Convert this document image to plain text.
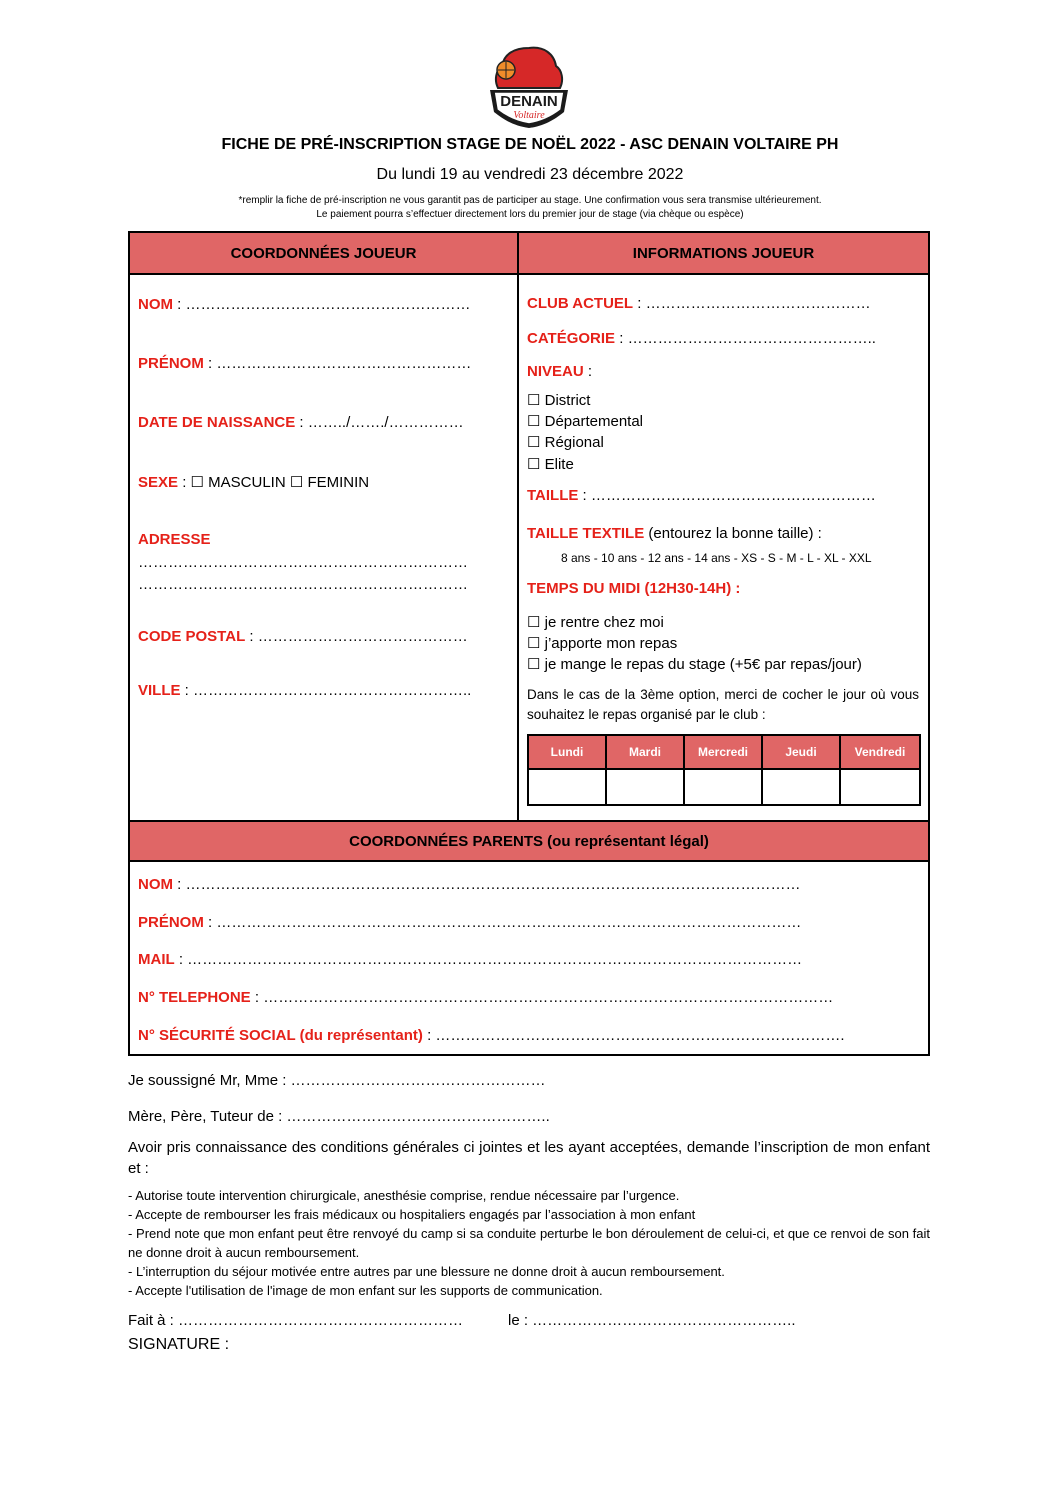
DENAIN
Voltaire
FICHE DE PRÉ-INSCRIPTION STAGE DE NOËL 2022 - ASC DENAIN VOLTAIRE PH
Du lundi 19 au vendredi 23 décembre 2022
*remplir la fiche de pré-inscription ne vous garantit pas de participer au stage. Une confirmation vous sera transmise ultérieurement.
Le paiement pourra s’effectuer directement lors du premier jour de stage (via chèque ou espèce)
COORDONNÉES JOUEUR	INFORMATIONS JOUEUR
NOM : …………………………………………………
PRÉNOM : ……………………………………………
DATE DE NAISSANCE : ……../……./……………
SEXE : ☐ MASCULIN ☐ FEMININ
ADRESSE
…………………………………………………………
…………………………………………………………
CODE POSTAL : ……………………………………
VILLE : ………………………………………………..
CLUB ACTUEL : ………………………………………
CATÉGORIE : …………………………………………..
NIVEAU :
☐ District
☐ Départemental
☐ Régional
☐ Elite
TAILLE : …………………………………………………
TAILLE TEXTILE (entourez la bonne taille) :
8 ans - 10 ans - 12 ans - 14 ans - XS - S - M - L - XL - XXL
TEMPS DU MIDI (12H30-14H) :
☐ je rentre chez moi
☐ j’apporte mon repas
☐ je mange le repas du stage (+5€ par repas/jour)
Dans le cas de la 3ème option, merci de cocher le jour où vous souhaitez le repas organisé par le club :
Lundi	Mardi	Mercredi	Jeudi	Vendredi
COORDONNÉES PARENTS (ou représentant légal)
NOM : ……………………………………………………………………………………………………………
PRÉNOM : ………………………………………………………………………………………………………
MAIL : ……………………………………………………………………………………………………………
N° TELEPHONE : ……………………………………………………………………………………………………
N° SÉCURITÉ SOCIAL (du représentant) : ……………………………………………………………………….
Je soussigné Mr, Mme : ……………………………………………
Mère, Père, Tuteur de : ……………………………………………..
Avoir pris connaissance des conditions générales ci jointes et les ayant acceptées, demande l’inscription de mon enfant et :
- Autorise toute intervention chirurgicale, anesthésie comprise, rendue nécessaire par l’urgence.
- Accepte de rembourser les frais médicaux ou hospitaliers engagés par l’association à mon enfant
- Prend note que mon enfant peut être renvoyé du camp si sa conduite perturbe le bon déroulement de celui-ci, et que ce renvoi de son fait ne donne droit à aucun remboursement.
- L’interruption du séjour motivée entre autres par une blessure ne donne droit à aucun remboursement.
- Accepte l'utilisation de l'image de mon enfant sur les supports de communication.
Fait à : …………………………………………………	le : ……………………………………………..
SIGNATURE :
